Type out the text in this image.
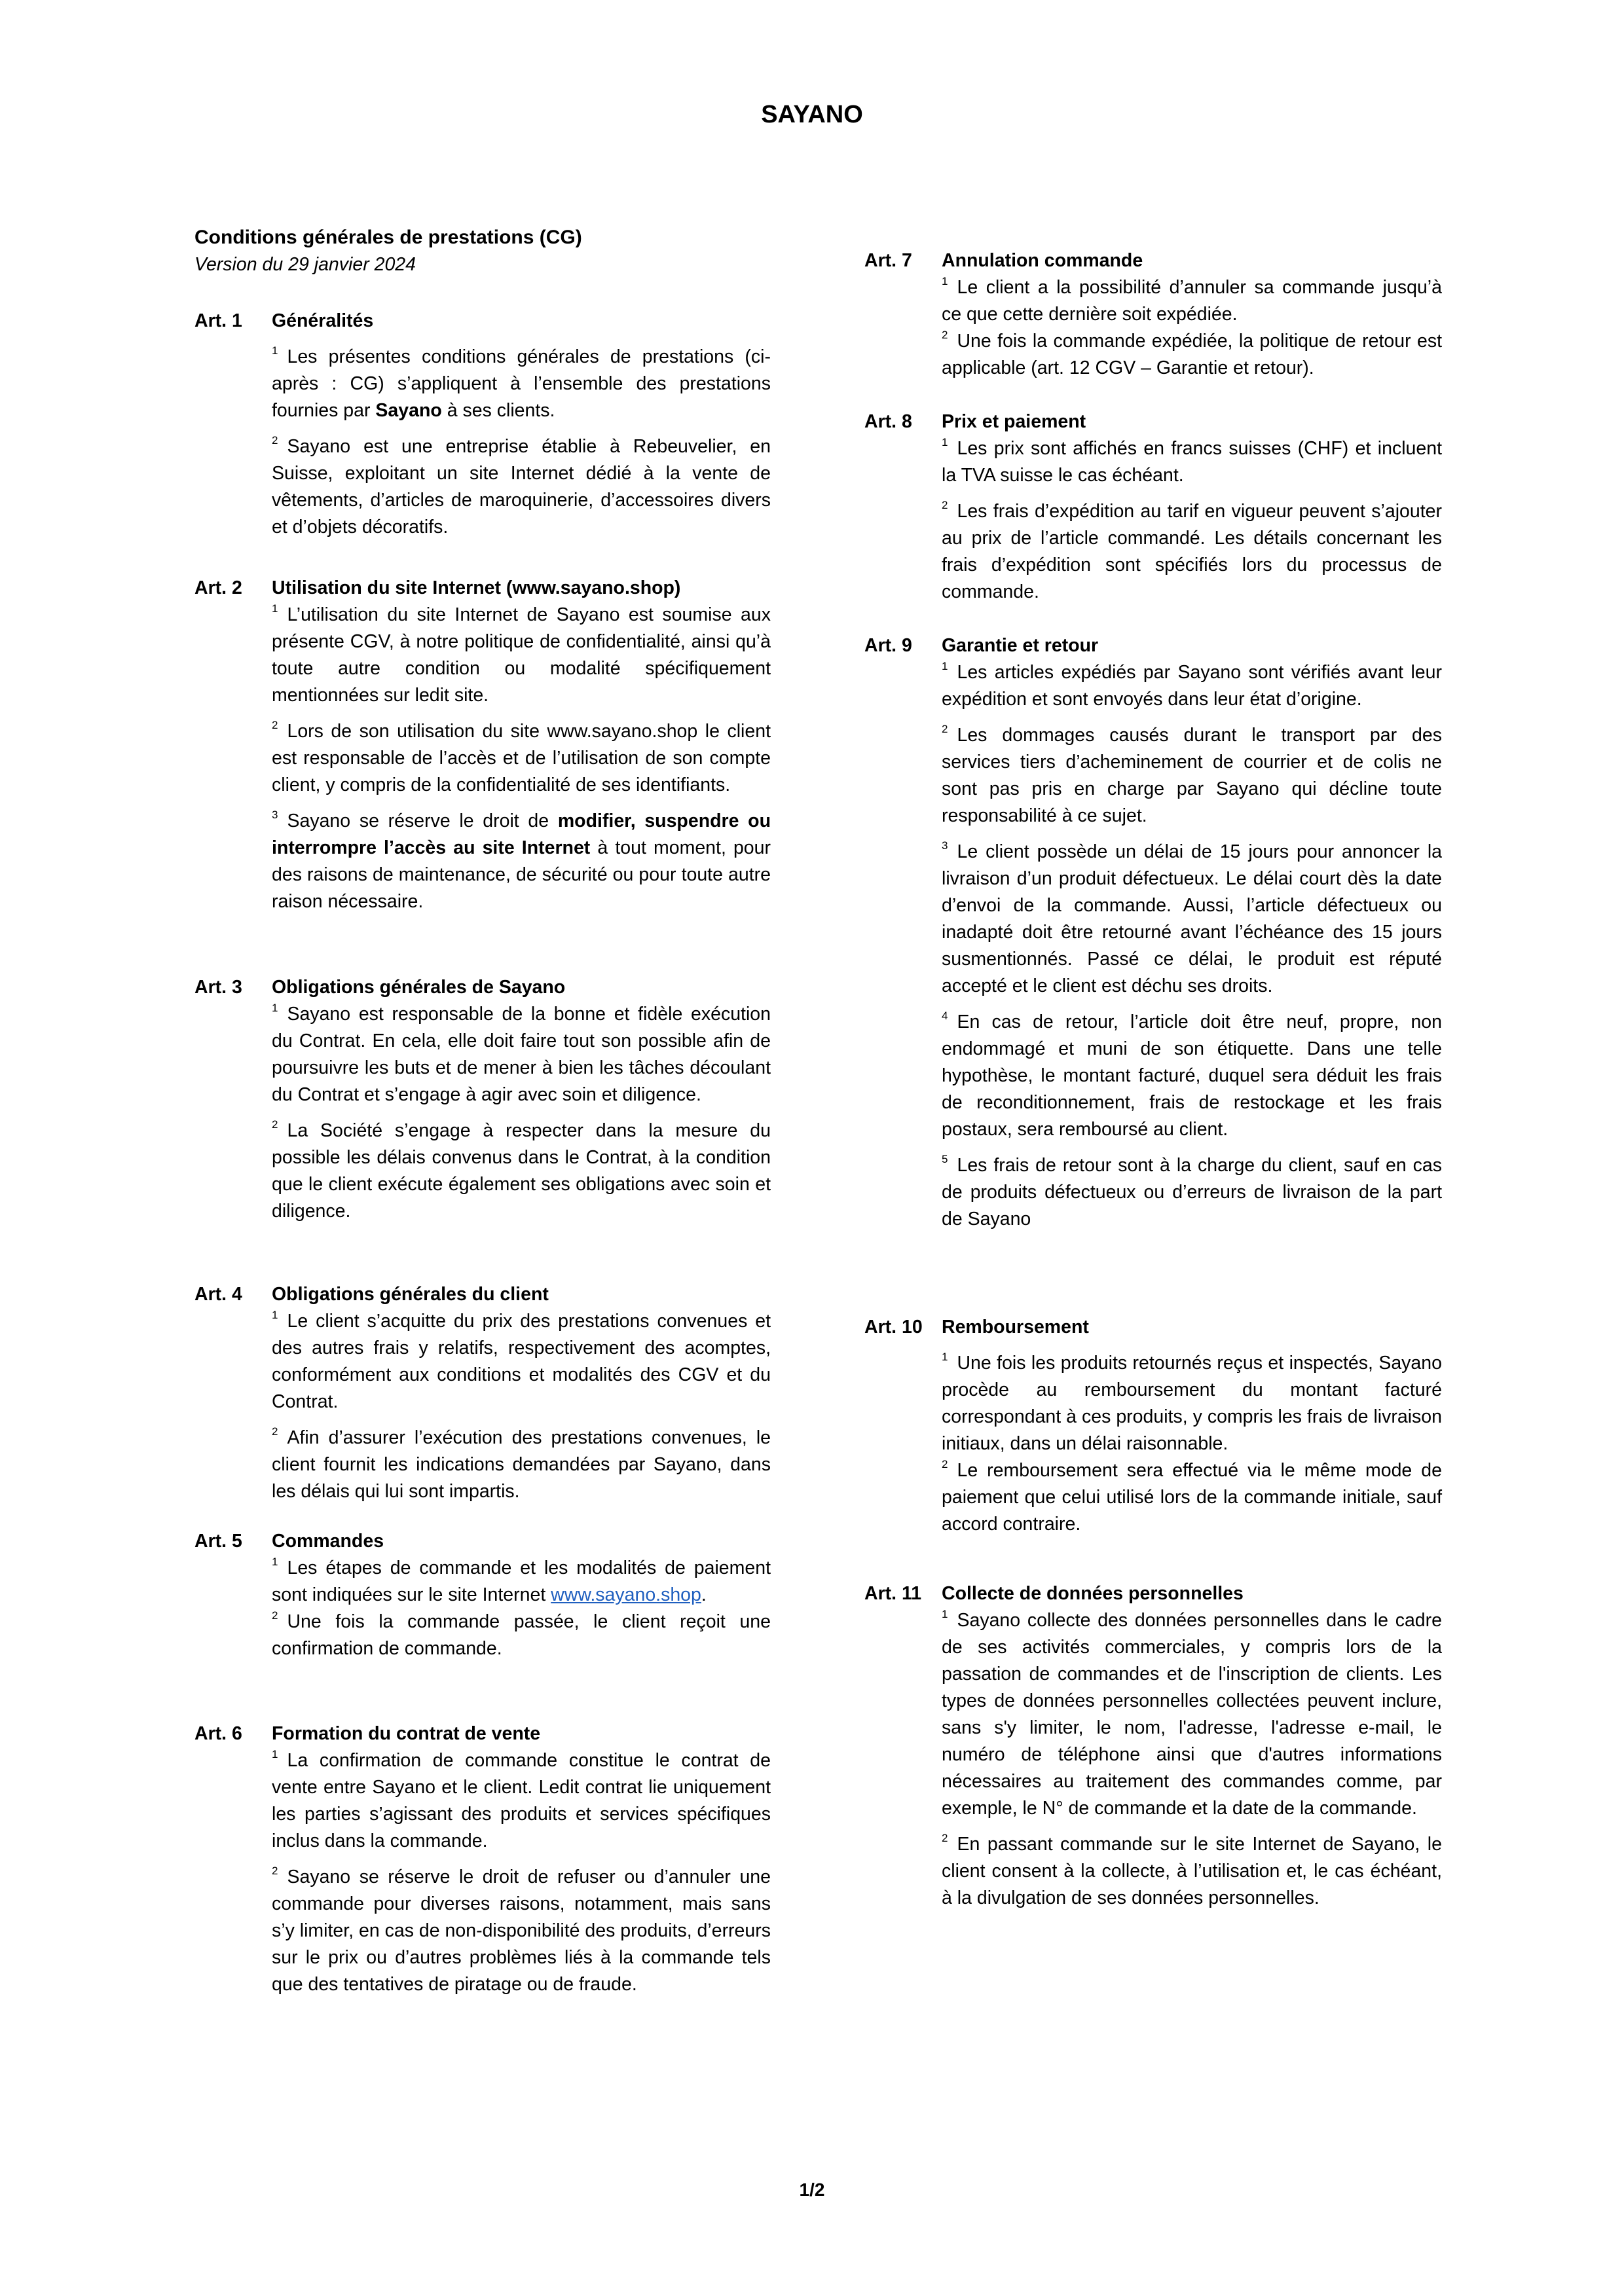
SAYANO
Conditions générales de prestations (CG)
Version du 29 janvier 2024
Art. 1 Généralités

$^1$ Les présentes conditions générales de prestations (ci-après : CG) s’appliquent à l’ensemble des prestations fournies par Sayano à ses clients.

$^2$ Sayano est une entreprise établie à Rebeuvelier, en Suisse, exploitant un site Internet dédié à la vente de vêtements, d’articles de maroquinerie, d’accessoires divers et d’objets décoratifs.

Art. 2 Utilisation du site Internet (www.sayano.shop)

$^1$ L’utilisation du site Internet de Sayano est soumise aux présente CGV, à notre politique de confidentialité, ainsi qu’à toute autre condition ou modalité spécifiquement mentionnées sur ledit site.

$^2$ Lors de son utilisation du site www.sayano.shop le client est responsable de l’accès et de l’utilisation de son compte client, y compris de la confidentialité de ses identifiants.

$^3$ Sayano se réserve le droit de modifier, suspendre ou interrompre l’accès au site Internet à tout moment, pour des raisons de maintenance, de sécurité ou pour toute autre raison nécessaire.

Art. 3 Obligations générales de Sayano

$^1$ Sayano est responsable de la bonne et fidèle exécution du Contrat. En cela, elle doit faire tout son possible afin de poursuivre les buts et de mener à bien les tâches découlant du Contrat et s’engage à agir avec soin et diligence.

$^2$ La Société s’engage à respecter dans la mesure du possible les délais convenus dans le Contrat, à la condition que le client exécute également ses obligations avec soin et diligence.

Art. 4 Obligations générales du client

$^1$ Le client s’acquitte du prix des prestations convenues et des autres frais y relatifs, respectivement des acomptes, conformément aux conditions et modalités des CGV et du Contrat.

$^2$ Afin d’assurer l’exécution des prestations convenues, le client fournit les indications demandées par Sayano, dans les délais qui lui sont impartis.

Art. 5 Commandes

$^1$ Les étapes de commande et les modalités de paiement sont indiquées sur le site Internet www.sayano.shop.

$^2$ Une fois la commande passée, le client reçoit une confirmation de commande.

Art. 6 Formation du contrat de vente

$^1$ La confirmation de commande constitue le contrat de vente entre Sayano et le client. Ledit contrat lie uniquement les parties s’agissant des produits et services spécifiques inclus dans la commande.

$^2$ Sayano se réserve le droit de refuser ou d’annuler une commande pour diverses raisons, notamment, mais sans s’y limiter, en cas de non-disponibilité des produits, d’erreurs sur le prix ou d’autres problèmes liés à la commande tels que des tentatives de piratage ou de fraude.

Art. 7 Annulation commande

$^1$ Le client a la possibilité d’annuler sa commande jusqu’à ce que cette dernière soit expédiée.

$^2$ Une fois la commande expédiée, la politique de retour est applicable (art. 12 CGV – Garantie et retour).

Art. 8 Prix et paiement

$^1$ Les prix sont affichés en francs suisses (CHF) et incluent la TVA suisse le cas échéant.

$^2$ Les frais d’expédition au tarif en vigueur peuvent s’ajouter au prix de l’article commandé. Les détails concernant les frais d’expédition sont spécifiés lors du processus de commande.

Art. 9 Garantie et retour

$^1$ Les articles expédiés par Sayano sont vérifiés avant leur expédition et sont envoyés dans leur état d’origine.

$^2$ Les dommages causés durant le transport par des services tiers d’acheminement de courrier et de colis ne sont pas pris en charge par Sayano qui décline toute responsabilité à ce sujet.

$^3$ Le client possède un délai de 15 jours pour annoncer la livraison d’un produit défectueux. Le délai court dès la date d’envoi de la commande. Aussi, l’article défectueux ou inadapté doit être retourné avant l’échéance des 15 jours susmentionnés. Passé ce délai, le produit est réputé accepté et le client est déchu ses droits.

$^4$ En cas de retour, l’article doit être neuf, propre, non endommagé et muni de son étiquette. Dans une telle hypothèse, le montant facturé, duquel sera déduit les frais de reconditionnement, frais de restockage et les frais postaux, sera remboursé au client.

$^5$ Les frais de retour sont à la charge du client, sauf en cas de produits défectueux ou d’erreurs de livraison de la part de Sayano

Art. 10 Remboursement

$^1$ Une fois les produits retournés reçus et inspectés, Sayano procède au remboursement du montant facturé correspondant à ces produits, y compris les frais de livraison initiaux, dans un délai raisonnable.

$^2$ Le remboursement sera effectué via le même mode de paiement que celui utilisé lors de la commande initiale, sauf accord contraire.

Art. 11 Collecte de données personnelles

$^1$ Sayano collecte des données personnelles dans le cadre de ses activités commerciales, y compris lors de la passation de commandes et de l'inscription de clients. Les types de données personnelles collectées peuvent inclure, sans s'y limiter, le nom, l'adresse, l'adresse e-mail, le numéro de téléphone ainsi que d'autres informations nécessaires au traitement des commandes comme, par exemple, le N° de commande et la date de la commande.

$^2$ En passant commande sur le site Internet de Sayano, le client consent à la collecte, à l’utilisation et, le cas échéant, à la divulgation de ses données personnelles.

1/2
